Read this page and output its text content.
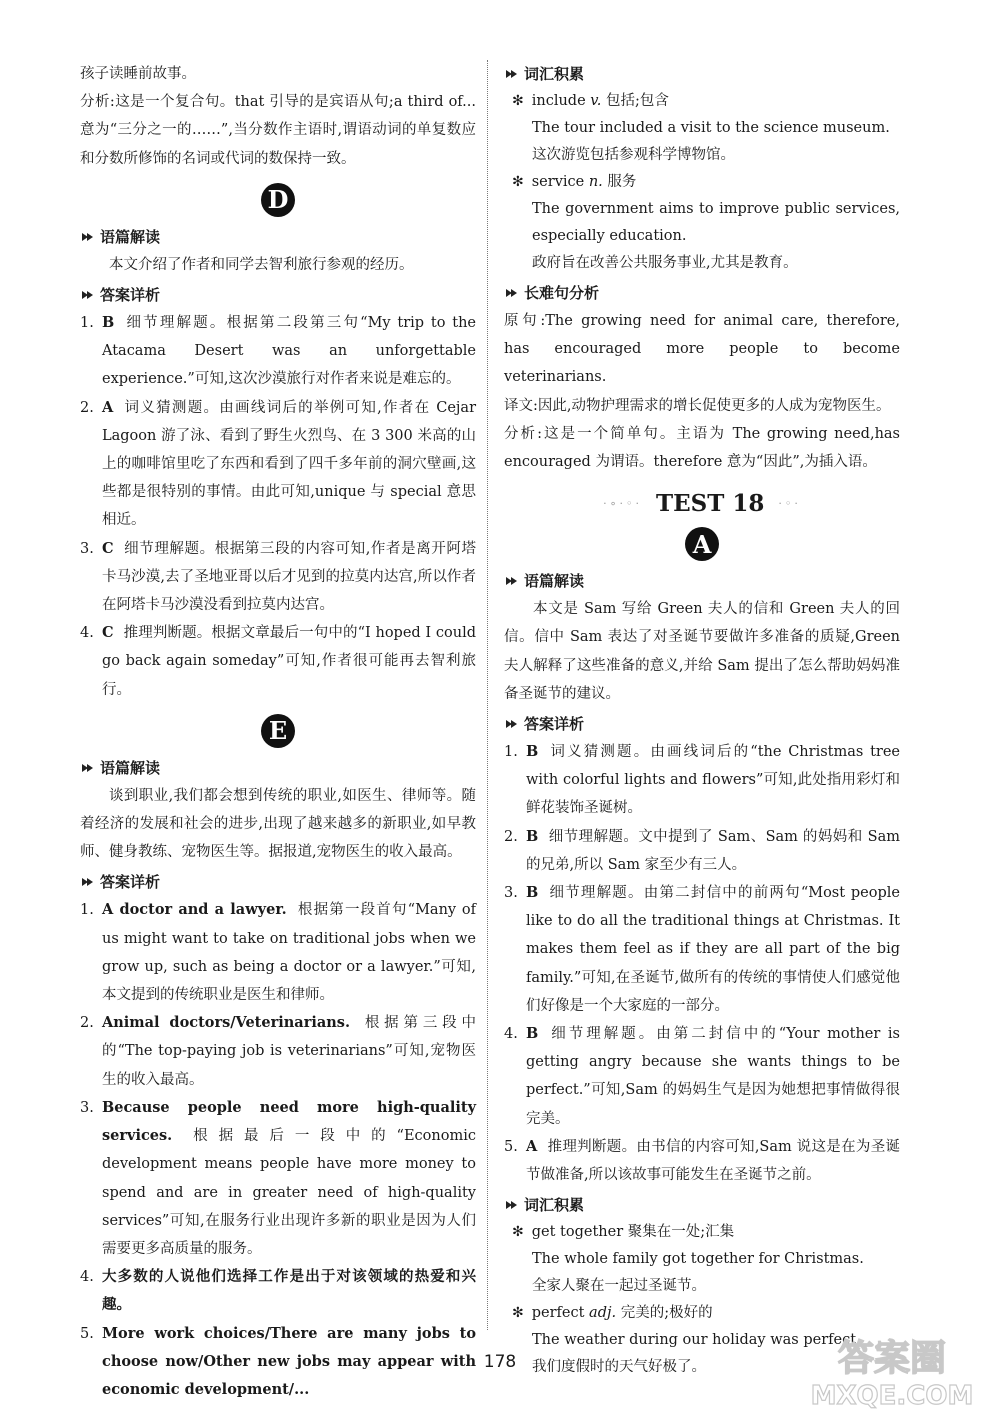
孩子读睡前故事。

分析:这是一个复合句。that 引导的是宾语从句;a third of... 意为“三分之一的……”,当分数作主语时,谓语动词的单复数应和分数所修饰的名词或代词的数保持一致。

D
语篇解读

本文介绍了作者和同学去智利旅行参观的经历。

答案详析
1. B 细节理解题。根据第二段第三句“My trip to the Atacama Desert was an unforgettable experience.”可知,这次沙漠旅行对作者来说是难忘的。
2. A 词义猜测题。由画线词后的举例可知,作者在 Cejar Lagoon 游了泳、看到了野生火烈鸟、在 3 300 米高的山上的咖啡馆里吃了东西和看到了四千多年前的洞穴壁画,这些都是很特别的事情。由此可知,unique 与 special 意思相近。
3. C 细节理解题。根据第三段的内容可知,作者是离开阿塔卡马沙漠,去了圣地亚哥以后才见到的拉莫内达宫,所以作者在阿塔卡马沙漠没看到拉莫内达宫。
4. C 推理判断题。根据文章最后一句中的“I hoped I could go back again someday”可知,作者很可能再去智利旅行。
E
语篇解读

谈到职业,我们都会想到传统的职业,如医生、律师等。随着经济的发展和社会的进步,出现了越来越多的新职业,如早教师、健身教练、宠物医生等。据报道,宠物医生的收入最高。

答案详析
1. A doctor and a lawyer. 根据第一段首句“Many of us might want to take on traditional jobs when we grow up, such as being a doctor or a lawyer.”可知,本文提到的传统职业是医生和律师。
2. Animal doctors/Veterinarians. 根据第三段中的“The top-paying job is veterinarians”可知,宠物医生的收入最高。
3. Because people need more high-quality services. 根据最后一段中的“Economic development means people have more money to spend and are in greater need of high-quality services”可知,在服务行业出现许多新的职业是因为人们需要更多高质量的服务。
4. 大多数的人说他们选择工作是出于对该领域的热爱和兴趣。
5. More work choices/There are many jobs to choose now/Other new jobs may appear with economic development/...
词汇积累
✻ include v. 包括;包含

The tour included a visit to the science museum.

这次游览包括参观科学博物馆。

✻ service n. 服务

The government aims to improve public services, especially education.

政府旨在改善公共服务事业,尤其是教育。

长难句分析

原句:The growing need for animal care, therefore, has encouraged more people to become veterinarians.

译文:因此,动物护理需求的增长促使更多的人成为宠物医生。

分析:这是一个简单句。主语为 The growing need,has encouraged 为谓语。therefore 意为“因此”,为插入语。

·∘·◦· TEST 18 ·◦·
A
语篇解读

本文是 Sam 写给 Green 夫人的信和 Green 夫人的回信。信中 Sam 表达了对圣诞节要做许多准备的质疑,Green 夫人解释了这些准备的意义,并给 Sam 提出了怎么帮助妈妈准备圣诞节的建议。

答案详析
1. B 词义猜测题。由画线词后的“the Christmas tree with colorful lights and flowers”可知,此处指用彩灯和鲜花装饰圣诞树。
2. B 细节理解题。文中提到了 Sam、Sam 的妈妈和 Sam 的兄弟,所以 Sam 家至少有三人。
3. B 细节理解题。由第二封信中的前两句“Most people like to do all the traditional things at Christmas. It makes them feel as if they are all part of the big family.”可知,在圣诞节,做所有的传统的事情使人们感觉他们好像是一个大家庭的一部分。
4. B 细节理解题。由第二封信中的“Your mother is getting angry because she wants things to be perfect.”可知,Sam 的妈妈生气是因为她想把事情做得很完美。
5. A 推理判断题。由书信的内容可知,Sam 说这是在为圣诞节做准备,所以该故事可能发生在圣诞节之前。
词汇积累
✻ get together 聚集在一处;汇集

The whole family got together for Christmas.

全家人聚在一起过圣诞节。

✻ perfect adj. 完美的;极好的

The weather during our holiday was perfect.

我们度假时的天气好极了。

178	答案圈
MXQE.COM
